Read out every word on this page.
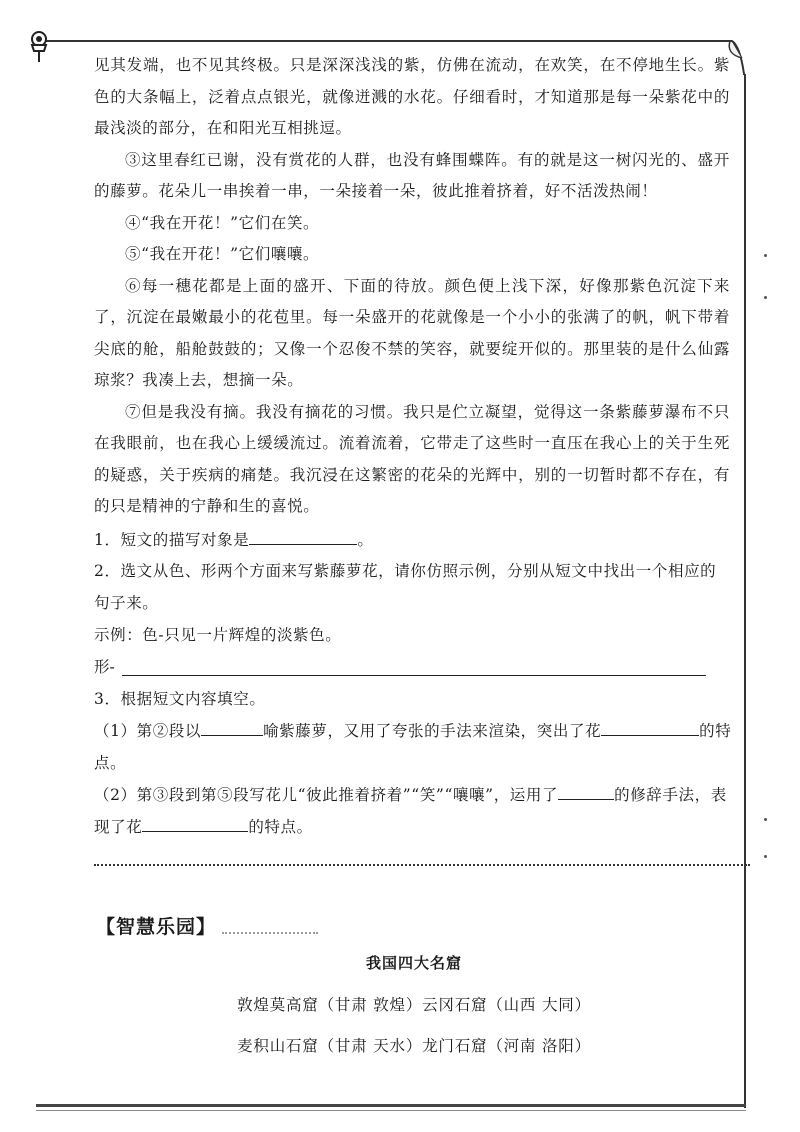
见其发端，也不见其终极。只是深深浅浅的紫，仿佛在流动，在欢笑，在不停地生长。紫色的大条幅上，泛着点点银光，就像迸溅的水花。仔细看时，才知道那是每一朵紫花中的最浅淡的部分，在和阳光互相挑逗。

③这里春红已谢，没有赏花的人群，也没有蜂围蝶阵。有的就是这一树闪光的、盛开的藤萝。花朵儿一串挨着一串，一朵接着一朵，彼此推着挤着，好不活泼热闹！

④“我在开花！”它们在笑。

⑤“我在开花！”它们嚷嚷。

⑥每一穗花都是上面的盛开、下面的待放。颜色便上浅下深，好像那紫色沉淀下来了，沉淀在最嫩最小的花苞里。每一朵盛开的花就像是一个小小的张满了的帆，帆下带着尖底的舱，船舱鼓鼓的；又像一个忍俊不禁的笑容，就要绽开似的。那里装的是什么仙露琼浆？我凑上去，想摘一朵。

⑦但是我没有摘。我没有摘花的习惯。我只是伫立凝望，觉得这一条紫藤萝瀑布不只在我眼前，也在我心上缓缓流过。流着流着，它带走了这些时一直压在我心上的关于生死的疑惑，关于疾病的痛楚。我沉浸在这繁密的花朵的光辉中，别的一切暂时都不存在，有的只是精神的宁静和生的喜悦。

1．短文的描写对象是	。
2．选文从色、形两个方面来写紫藤萝花，请你仿照示例，分别从短文中找出一个相应的句子来。
示例：色-只见一片辉煌的淡紫色。
形-
3．根据短文内容填空。
（1）第②段以	喻紫藤萝，又用了夸张的手法来渲染，突出了花	的特点。
（2）第③段到第⑤段写花儿“彼此推着挤着”“笑”“嚷嚷”，运用了	的修辞手法，表现了花	的特点。
【智慧乐园】
我国四大名窟
敦煌莫高窟（甘肃 敦煌）云冈石窟（山西 大同）
麦积山石窟（甘肃 天水）龙门石窟（河南 洛阳）
